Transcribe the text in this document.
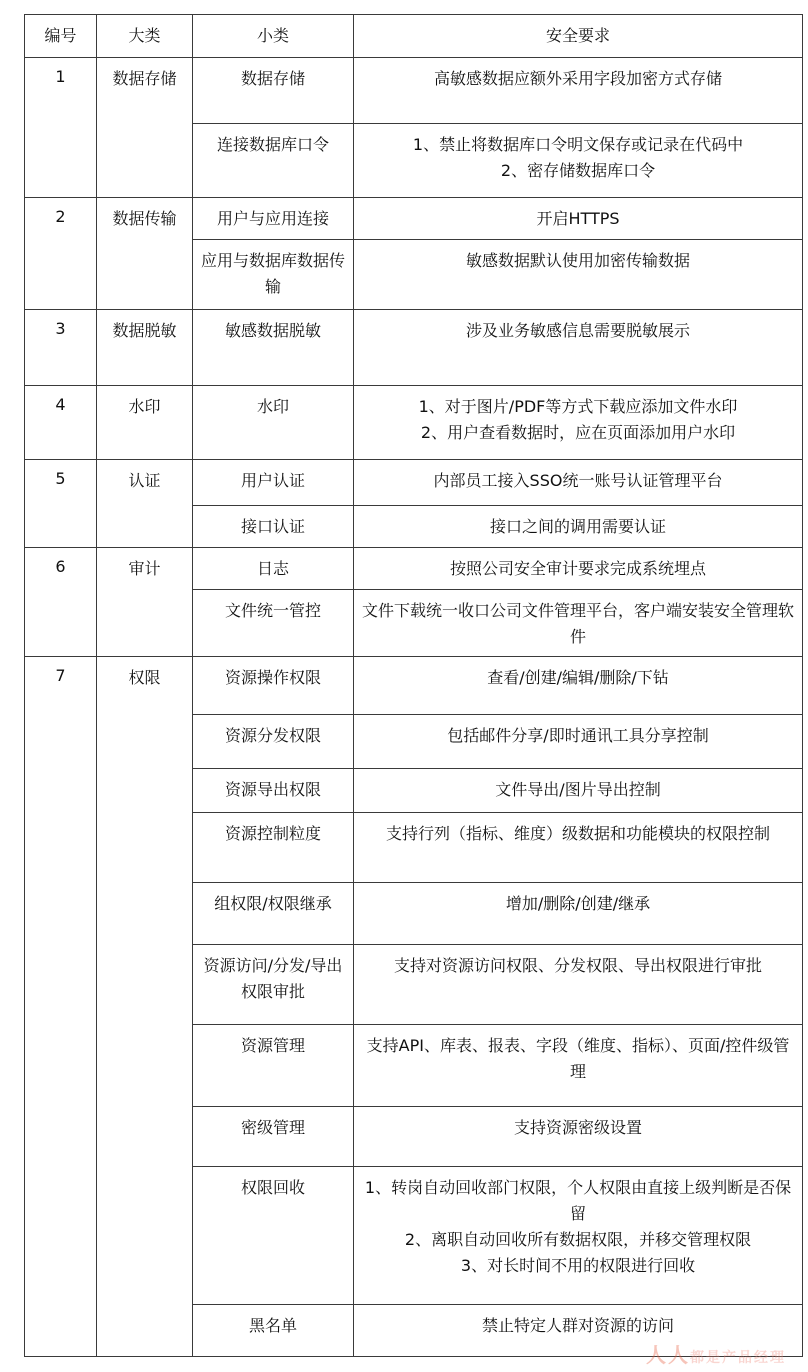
编号	大类	小类	安全要求
1	数据存储	数据存储	高敏感数据应额外采用字段加密方式存储

		连接数据库口令	1、禁止将数据库口令明文保存或记录在代码中
2、密存储数据库口令

2	数据传输	用户与应用连接	开启HTTPS

		应用与数据库数据传输	敏感数据默认使用加密传输数据

3	数据脱敏	敏感数据脱敏	涉及业务敏感信息需要脱敏展示

4	水印	水印	1、对于图片/PDF等方式下载应添加文件水印
2、用户查看数据时，应在页面添加用户水印

5	认证	用户认证	内部员工接入SSO统一账号认证管理平台

		接口认证	接口之间的调用需要认证

6	审计	日志	按照公司安全审计要求完成系统埋点

		文件统一管控	文件下载统一收口公司文件管理平台，客户端安装安全管理软件

7	权限	资源操作权限	查看/创建/编辑/删除/下钻

		资源分发权限	包括邮件分享/即时通讯工具分享控制

		资源导出权限	文件导出/图片导出控制

		资源控制粒度	支持行列（指标、维度）级数据和功能模块的权限控制

		组权限/权限继承	增加/删除/创建/继承

		资源访问/分发/导出权限审批	支持对资源访问权限、分发权限、导出权限进行审批

		资源管理	支持API、库表、报表、字段（维度、指标）、页面/控件级管理

		密级管理	支持资源密级设置

		权限回收	1、转岗自动回收部门权限，个人权限由直接上级判断是否保留
2、离职自动回收所有数据权限，并移交管理权限
3、对长时间不用的权限进行回收

		黑名单	禁止特定人群对资源的访问
人人都是产品经理
